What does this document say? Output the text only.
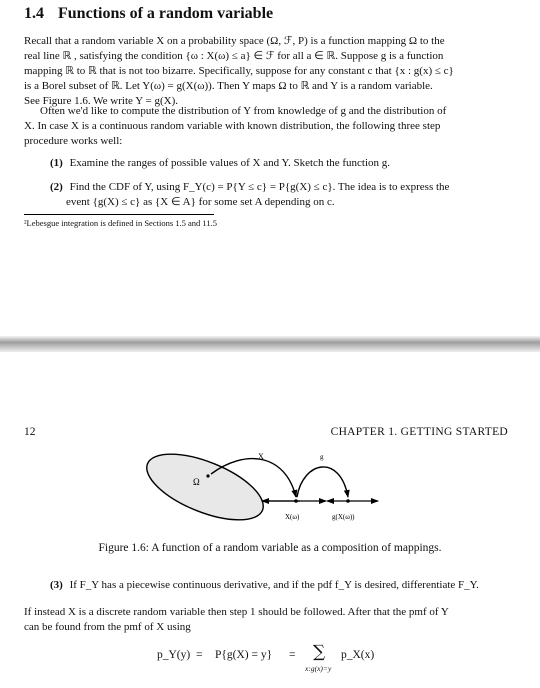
1.4 Functions of a random variable
Recall that a random variable X on a probability space (Ω, ℱ, P) is a function mapping Ω to the
real line ℝ , satisfying the condition {ω : X(ω) ≤ a} ∈ ℱ for all a ∈ ℝ. Suppose g is a function
mapping ℝ to ℝ that is not too bizarre. Specifically, suppose for any constant c that {x : g(x) ≤ c}
is a Borel subset of ℝ. Let Y(ω) = g(X(ω)). Then Y maps Ω to ℝ and Y is a random variable.
See Figure 1.6. We write Y = g(X).
Often we'd like to compute the distribution of Y from knowledge of g and the distribution of
X. In case X is a continuous random variable with known distribution, the following three step
procedure works well:
(1) Examine the ranges of possible values of X and Y. Sketch the function g.
(2) Find the CDF of Y, using F_Y(c) = P{Y ≤ c} = P{g(X) ≤ c}. The idea is to express the
event {g(X) ≤ c} as {X ∈ A} for some set A depending on c.
²Lebesgue integration is defined in Sections 1.5 and 11.5
12	CHAPTER 1. GETTING STARTED
Ω
X
X(ω)
g
g(X(ω))
Figure 1.6: A function of a random variable as a composition of mappings.
(3) If F_Y has a piecewise continuous derivative, and if the pdf f_Y is desired, differentiate F_Y.
If instead X is a discrete random variable then step 1 should be followed. After that the pmf of Y
can be found from the pmf of X using
p_Y(y) = P{g(X) = y} = ∑
x:g(x)=y
p_X(x)
